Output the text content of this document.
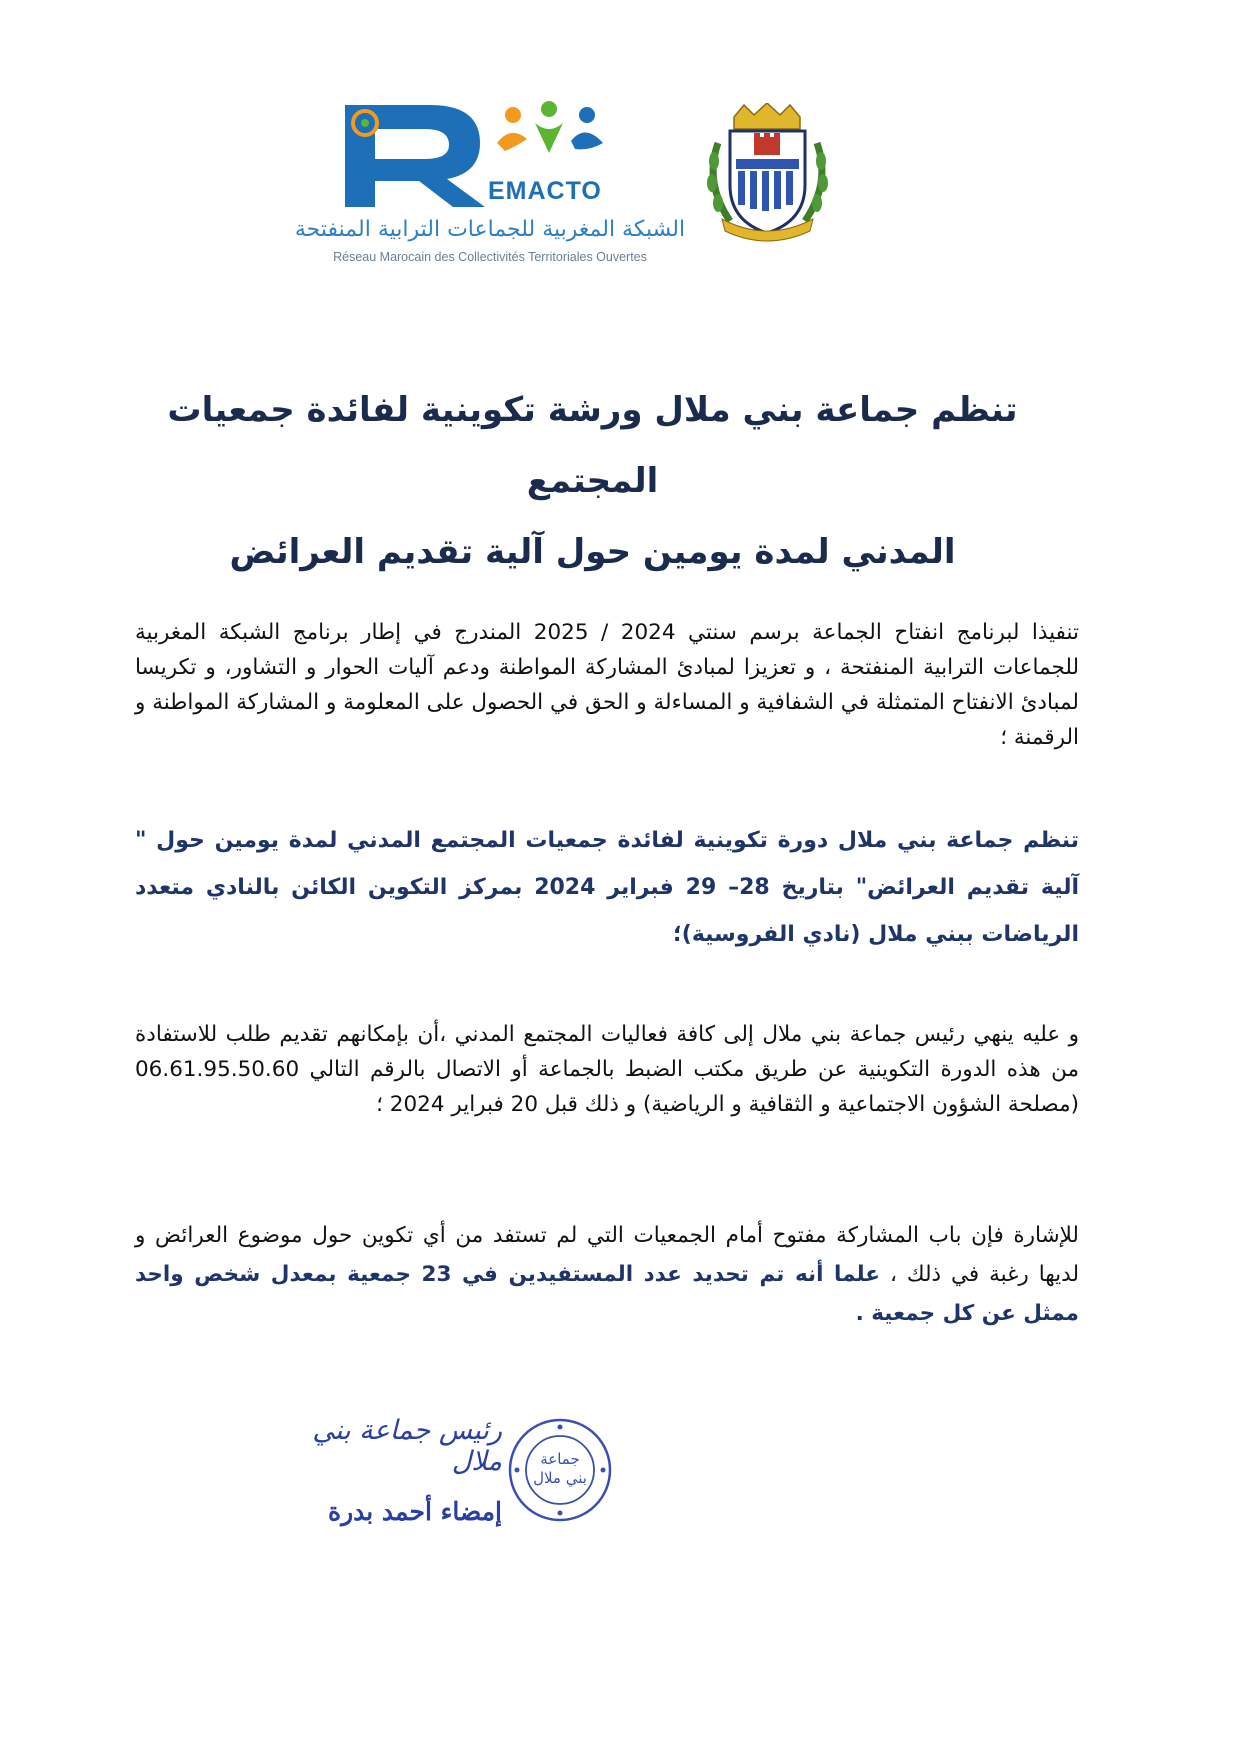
EMACTO
الشبكة المغربية للجماعات الترابية المنفتحة
Réseau Marocain des Collectivités Territoriales Ouvertes
تنظم جماعة بني ملال ورشة تكوينية لفائدة جمعيات المجتمع
المدني لمدة يومين حول آلية تقديم العرائض
تنفيذا لبرنامج انفتاح الجماعة برسم سنتي 2024 / 2025 المندرج في إطار برنامج الشبكة المغربية للجماعات الترابية المنفتحة ، و تعزيزا لمبادئ المشاركة المواطنة ودعم آليات الحوار و التشاور، و تكريسا لمبادئ الانفتاح المتمثلة في الشفافية و المساءلة و الحق في الحصول على المعلومة و المشاركة المواطنة و الرقمنة ؛
تنظم جماعة بني ملال دورة تكوينية لفائدة جمعيات المجتمع المدني لمدة يومين حول " آلية تقديم العرائض" بتاريخ 28– 29 فبراير 2024 بمركز التكوين الكائن بالنادي متعدد الرياضات ببني ملال (نادي الفروسية)؛
و عليه ينهي رئيس جماعة بني ملال إلى كافة فعاليات المجتمع المدني ،أن بإمكانهم تقديم طلب للاستفادة من هذه الدورة التكوينية عن طريق مكتب الضبط بالجماعة أو الاتصال بالرقم التالي 06.61.95.50.60 (مصلحة الشؤون الاجتماعية و الثقافية و الرياضية) و ذلك قبل 20 فبراير 2024 ؛
للإشارة فإن باب المشاركة مفتوح أمام الجمعيات التي لم تستفد من أي تكوين حول موضوع العرائض و لديها رغبة في ذلك ، علما أنه تم تحديد عدد المستفيدين في 23 جمعية بمعدل شخص واحد ممثل عن كل جمعية .
رئيس جماعة بني ملال
إمضاء أحمد بدرة
جماعة
بني ملال
